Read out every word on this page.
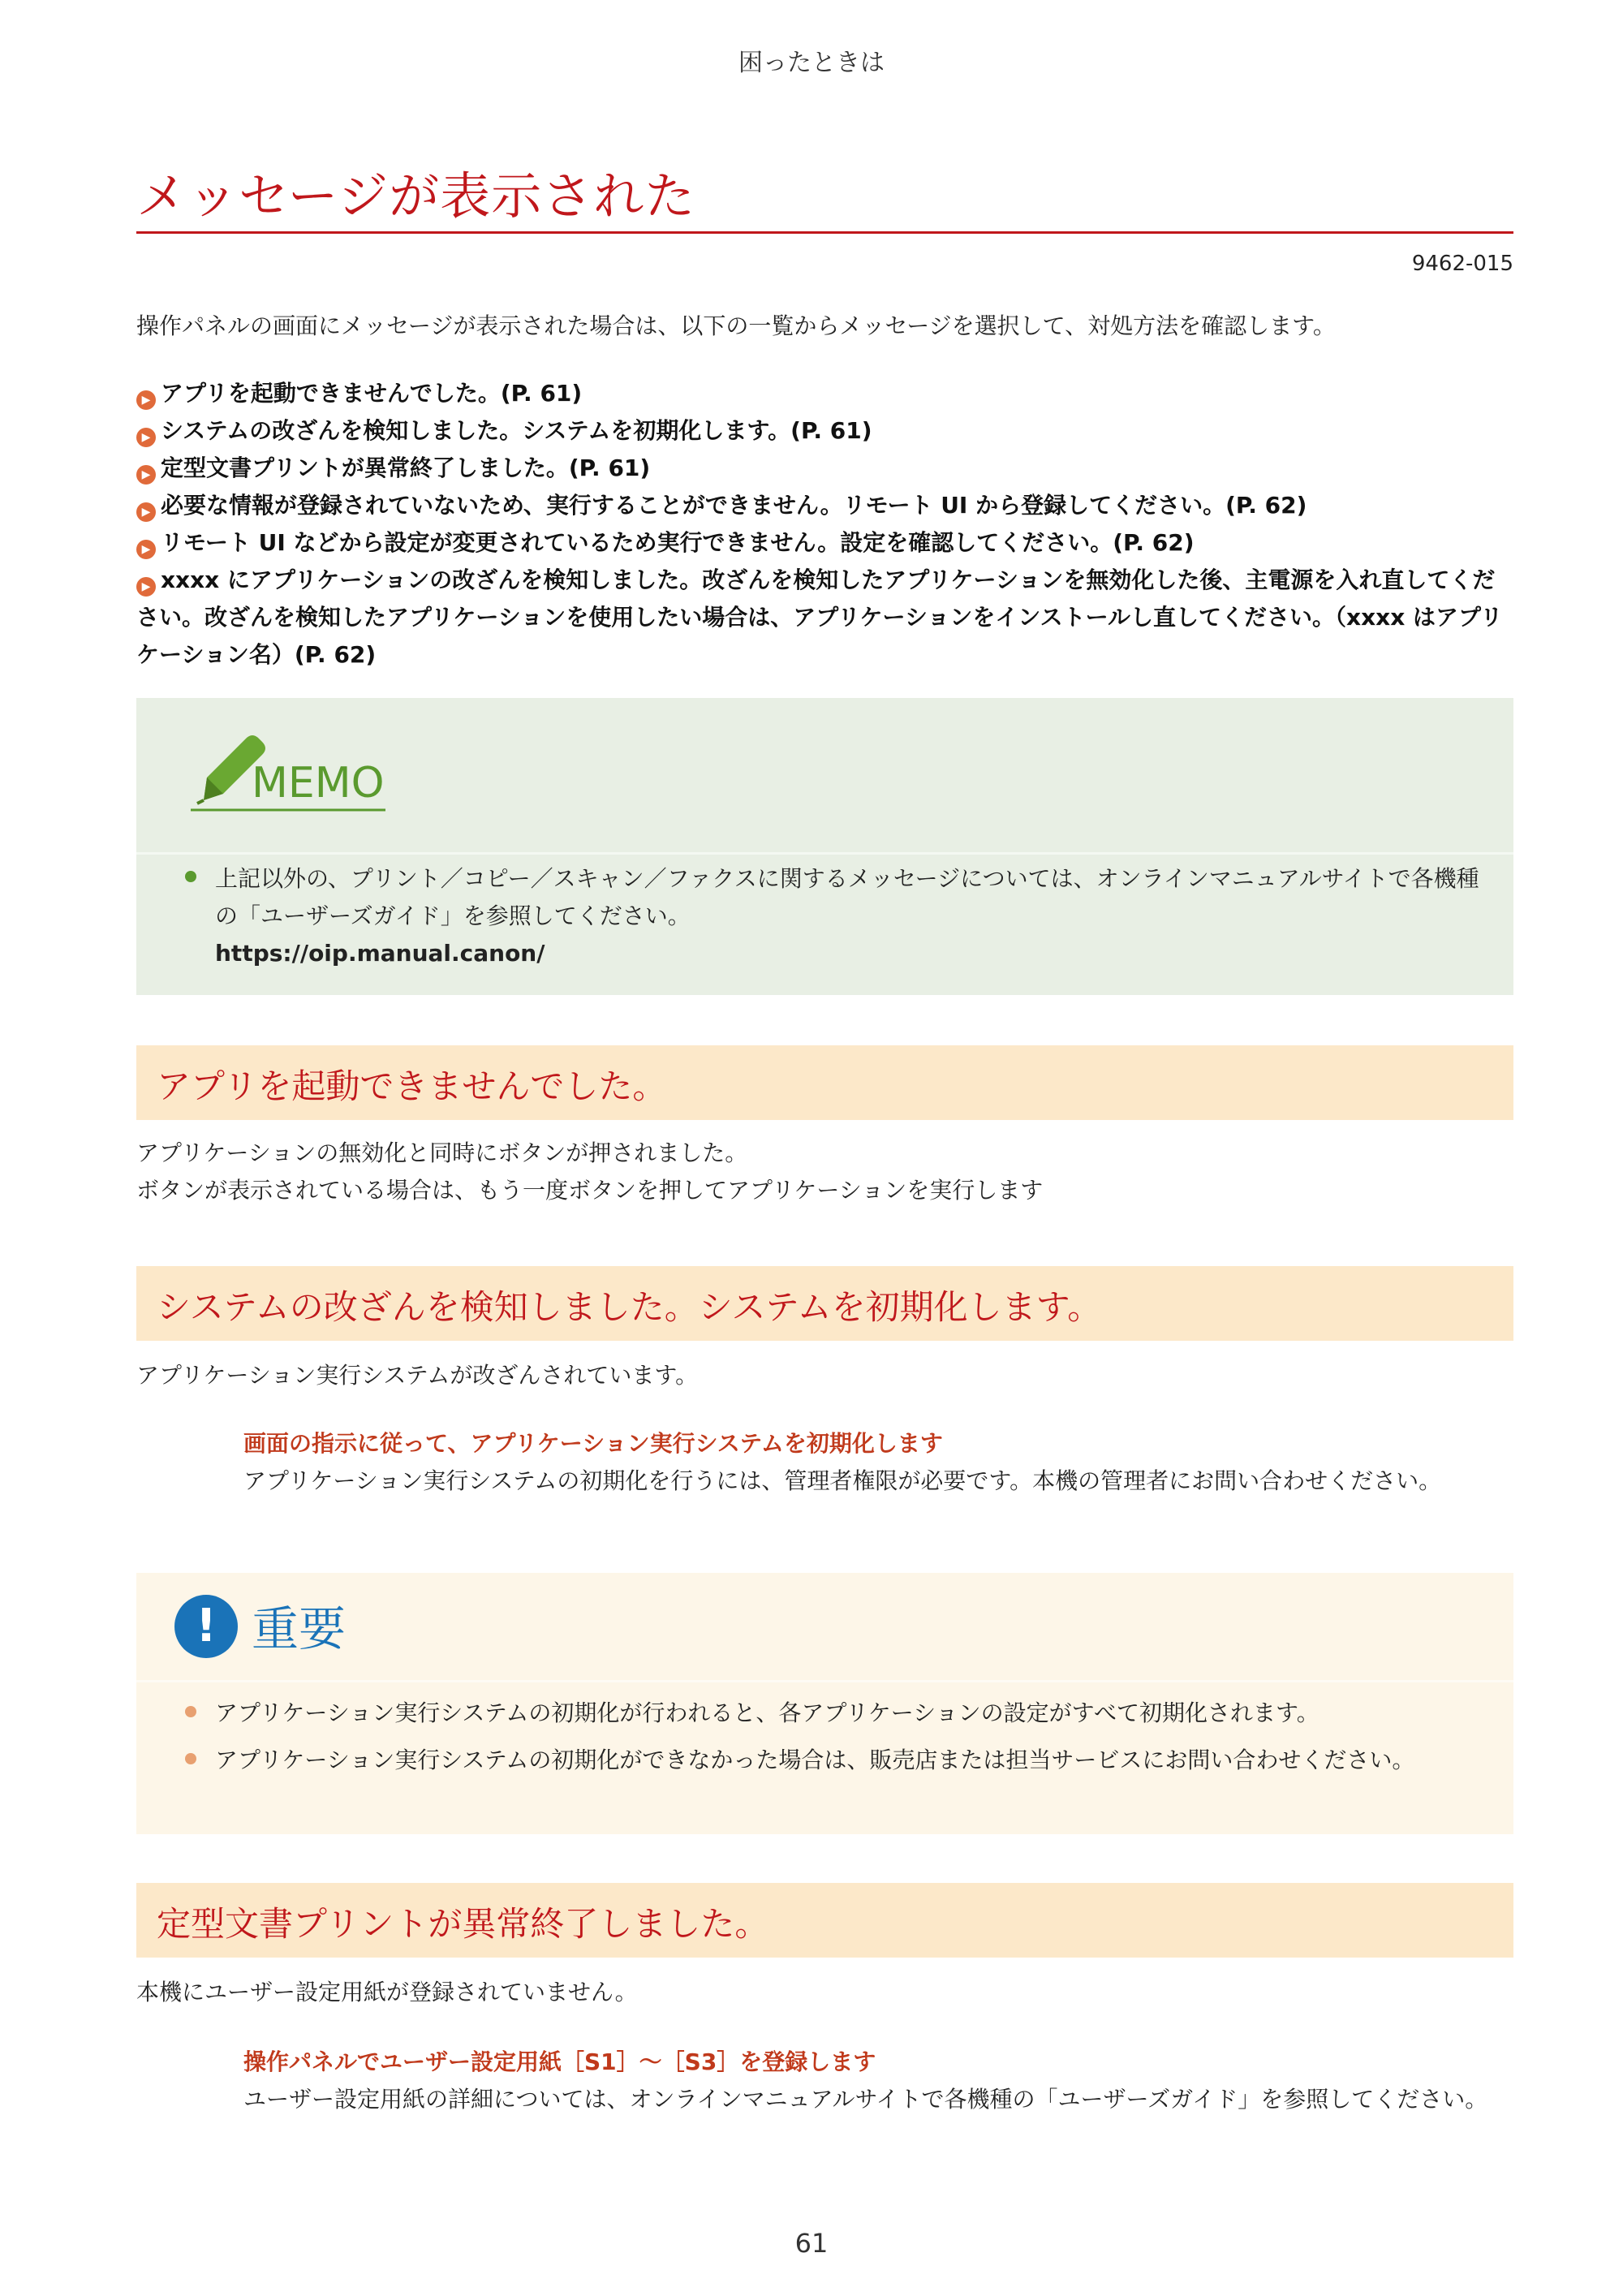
困ったときは
メッセージが表示された
9462-015
操作パネルの画面にメッセージが表示された場合は、以下の一覧からメッセージを選択して、対処方法を確認します。
▶ アプリを起動できませんでした。(P. 61)
▶ システムの改ざんを検知しました。システムを初期化します。(P. 61)
▶ 定型文書プリントが異常終了しました。(P. 61)
▶ 必要な情報が登録されていないため、実行することができません。リモート UI から登録してください。(P. 62)
▶ リモート UI などから設定が変更されているため実行できません。設定を確認してください。(P. 62)
▶ xxxx にアプリケーションの改ざんを検知しました。改ざんを検知したアプリケーションを無効化した後、主電源を入れ直してください。改ざんを検知したアプリケーションを使用したい場合は、アプリケーションをインストールし直してください。（xxxx はアプリケーション名）(P. 62)
MEMO
上記以外の、プリント／コピー／スキャン／ファクスに関するメッセージについては、オンラインマニュアルサイトで各機種の「ユーザーズガイド」を参照してください。
https://oip.manual.canon/
アプリを起動できませんでした。
アプリケーションの無効化と同時にボタンが押されました。
ボタンが表示されている場合は、もう一度ボタンを押してアプリケーションを実行します
システムの改ざんを検知しました。システムを初期化します。
アプリケーション実行システムが改ざんされています。
画面の指示に従って、アプリケーション実行システムを初期化します
アプリケーション実行システムの初期化を行うには、管理者権限が必要です。本機の管理者にお問い合わせください。
! 重要
アプリケーション実行システムの初期化が行われると、各アプリケーションの設定がすべて初期化されます。
アプリケーション実行システムの初期化ができなかった場合は、販売店または担当サービスにお問い合わせください。
定型文書プリントが異常終了しました。
本機にユーザー設定用紙が登録されていません。
操作パネルでユーザー設定用紙［S1］～［S3］を登録します
ユーザー設定用紙の詳細については、オンラインマニュアルサイトで各機種の「ユーザーズガイド」を参照してください。
61
